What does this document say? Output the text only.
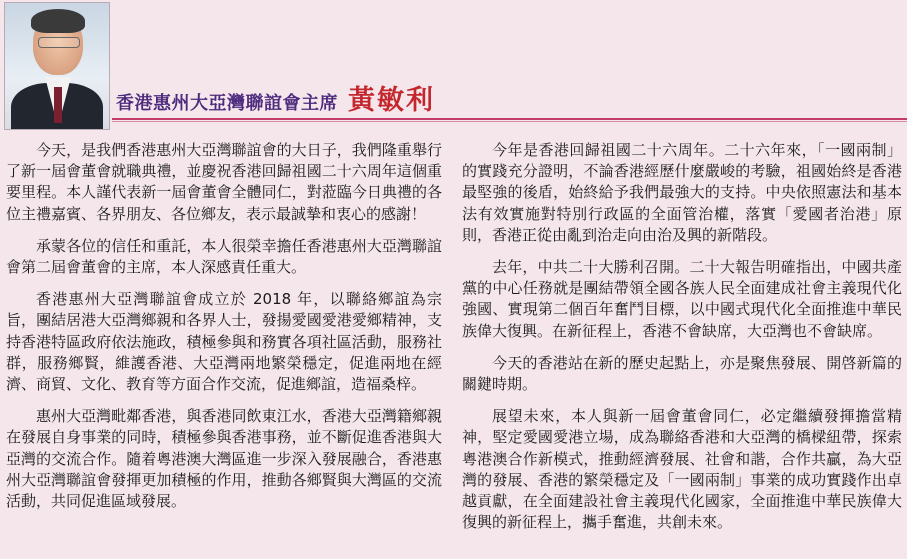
香港惠州大亞灣聯誼會主席 黃敏利

今天，是我們香港惠州大亞灣聯誼會的大日子，我們隆重舉行了新一屆會董會就職典禮，並慶祝香港回歸祖國二十六周年這個重要里程。本人謹代表新一屆會董會全體同仁，對蒞臨今日典禮的各位主禮嘉賓、各界朋友、各位鄉友，表示最誠摯和衷心的感謝！

承蒙各位的信任和重託，本人很榮幸擔任香港惠州大亞灣聯誼會第二屆會董會的主席，本人深感責任重大。

香港惠州大亞灣聯誼會成立於 2018 年，以聯絡鄉誼為宗旨，團結居港大亞灣鄉親和各界人士，發揚愛國愛港愛鄉精神，支持香港特區政府依法施政，積極參與和務實各項社區活動，服務社群，服務鄉賢，維護香港、大亞灣兩地繁榮穩定，促進兩地在經濟、商貿、文化、教育等方面合作交流，促進鄉誼，造福桑梓。

惠州大亞灣毗鄰香港，與香港同飲東江水，香港大亞灣籍鄉親在發展自身事業的同時，積極參與香港事務，並不斷促進香港與大亞灣的交流合作。隨着粵港澳大灣區進一步深入發展融合，香港惠州大亞灣聯誼會發揮更加積極的作用，推動各鄉賢與大灣區的交流活動，共同促進區域發展。

今年是香港回歸祖國二十六周年。二十六年來，「一國兩制」的實踐充分證明，不論香港經歷什麼嚴峻的考驗，祖國始終是香港最堅強的後盾，始終給予我們最強大的支持。中央依照憲法和基本法有效實施對特別行政區的全面管治權，落實「愛國者治港」原則，香港正從由亂到治走向由治及興的新階段。

去年，中共二十大勝利召開。二十大報告明確指出，中國共產黨的中心任務就是團結帶領全國各族人民全面建成社會主義現代化強國、實現第二個百年奮鬥目標，以中國式現代化全面推進中華民族偉大復興。在新征程上，香港不會缺席，大亞灣也不會缺席。

今天的香港站在新的歷史起點上，亦是聚焦發展、開啓新篇的關鍵時期。

展望未來，本人與新一屆會董會同仁，必定繼續發揮擔當精神，堅定愛國愛港立場，成為聯絡香港和大亞灣的橋樑紐帶，探索粵港澳合作新模式，推動經濟發展、社會和諧，合作共贏，為大亞灣的發展、香港的繁榮穩定及「一國兩制」事業的成功實踐作出卓越貢獻，在全面建設社會主義現代化國家，全面推進中華民族偉大復興的新征程上，攜手奮進，共創未來。
